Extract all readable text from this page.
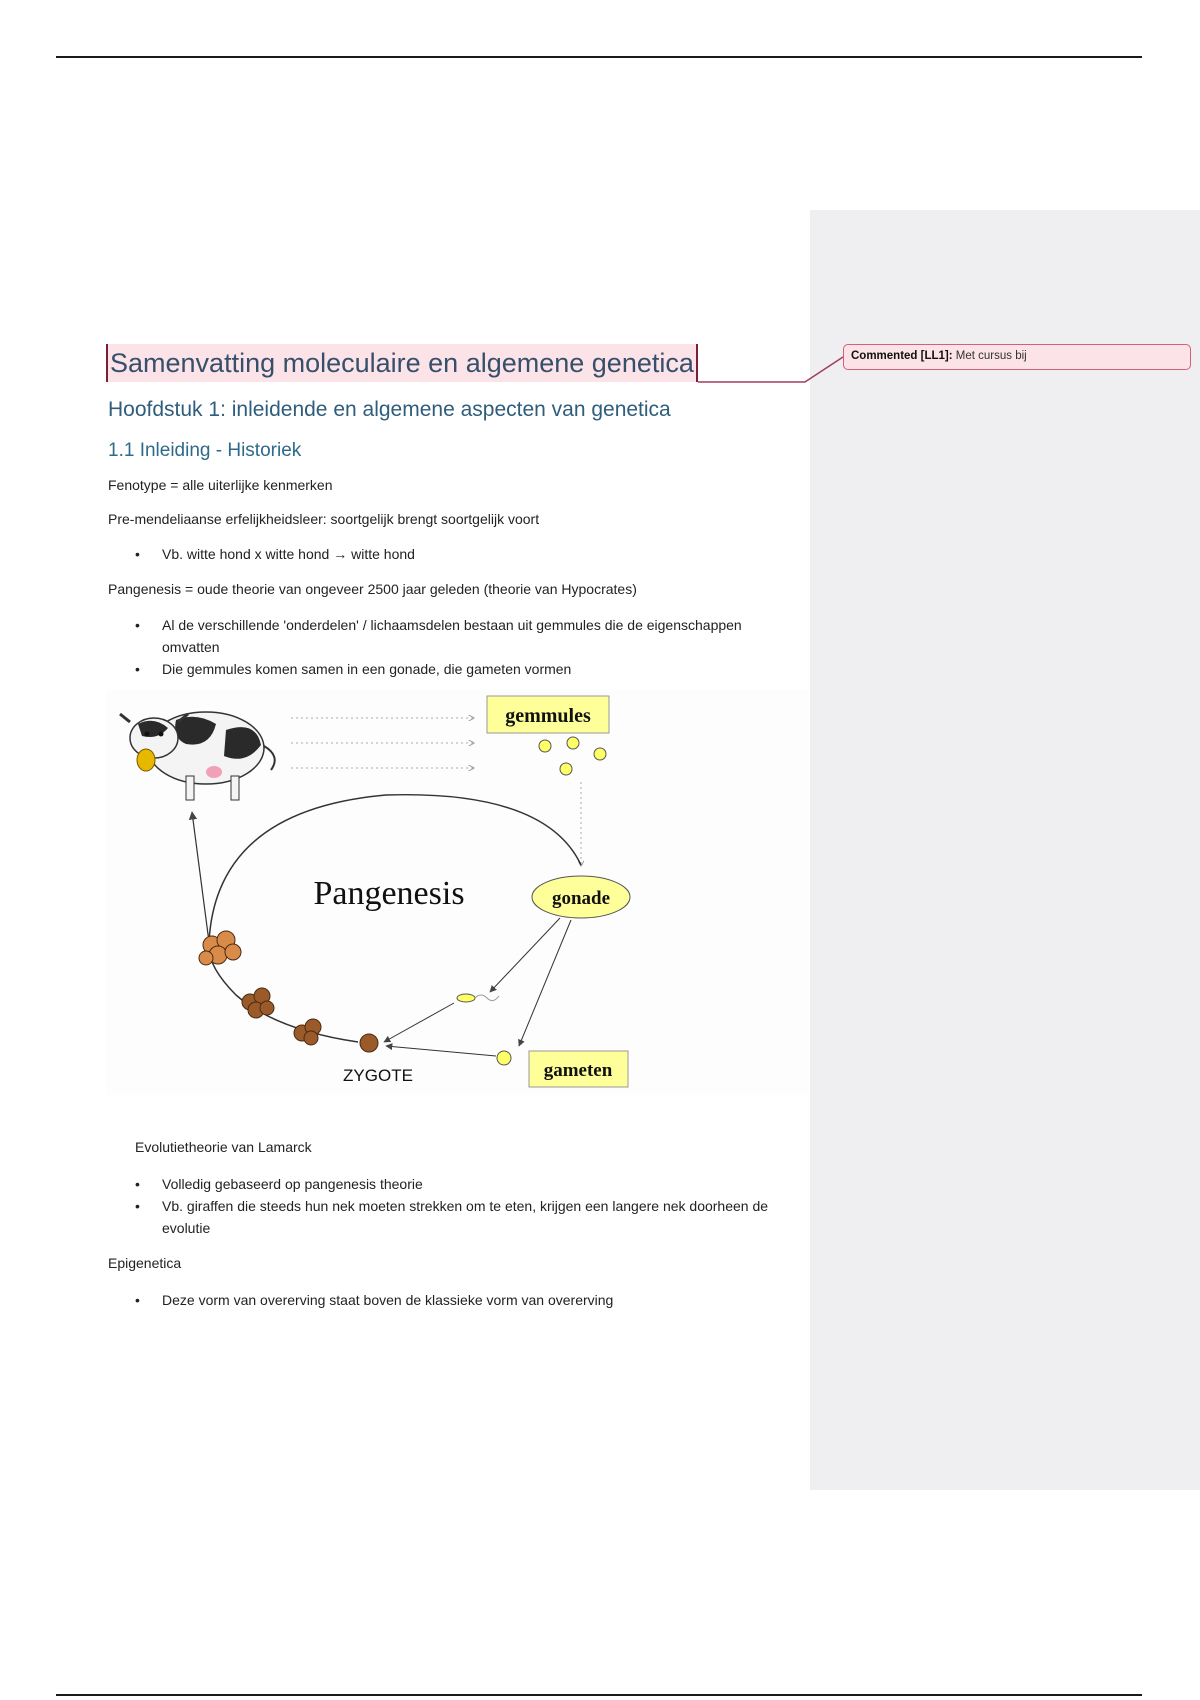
Commented [LL1]: Met cursus bij
Samenvatting moleculaire en algemene genetica
Hoofdstuk 1: inleidende en algemene aspecten van genetica
1.1 Inleiding - Historiek
Fenotype = alle uiterlijke kenmerken
Pre-mendeliaanse erfelijkheidsleer: soortgelijk brengt soortgelijk voort
• Vb. witte hond x witte hond → witte hond
Pangenesis = oude theorie van ongeveer 2500 jaar geleden (theorie van Hypocrates)
• Al de verschillende 'onderdelen' / lichaamsdelen bestaan uit gemmules die de eigenschappen omvatten
• Die gemmules komen samen in een gonade, die gameten vormen
gemmules
Pangenesis	gonade
ZYGOTE	gameten
Evolutietheorie van Lamarck
• Volledig gebaseerd op pangenesis theorie
• Vb. giraffen die steeds hun nek moeten strekken om te eten, krijgen een langere nek doorheen de evolutie
Epigenetica
• Deze vorm van overerving staat boven de klassieke vorm van overerving
